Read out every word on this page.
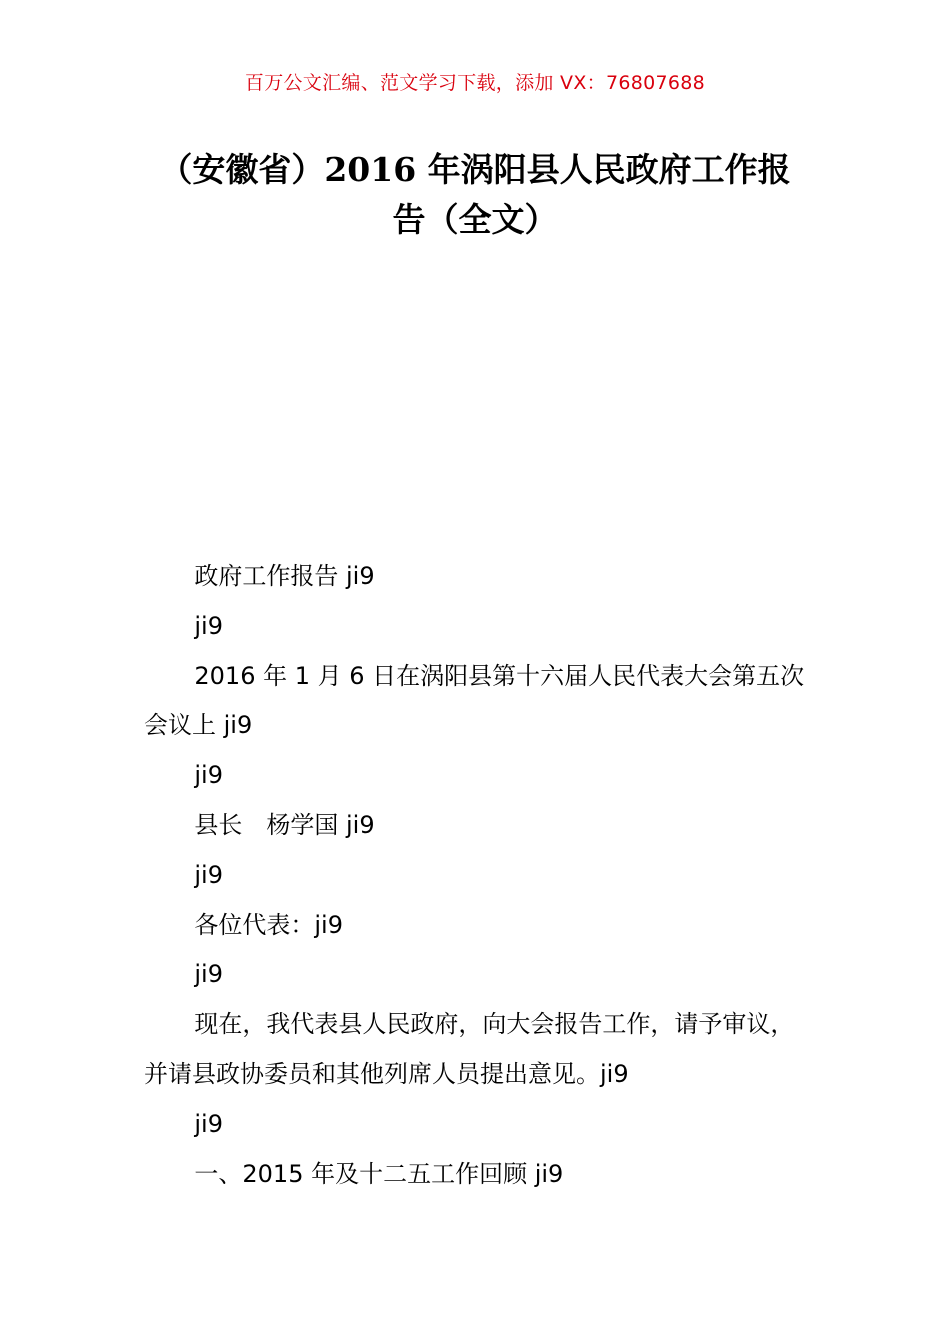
百万公文汇编、范文学习下载，添加 VX：76807688
（安徽省）2016 年涡阳县人民政府工作报
告（全文）

政府工作报告 ji9

ji9

2016 年 1 月 6 日在涡阳县第十六届人民代表大会第五次会议上 ji9

ji9

县长　杨学国 ji9

ji9

各位代表：ji9

ji9

现在，我代表县人民政府，向大会报告工作，请予审议，并请县政协委员和其他列席人员提出意见。ji9

ji9

一、2015 年及十二五工作回顾 ji9
